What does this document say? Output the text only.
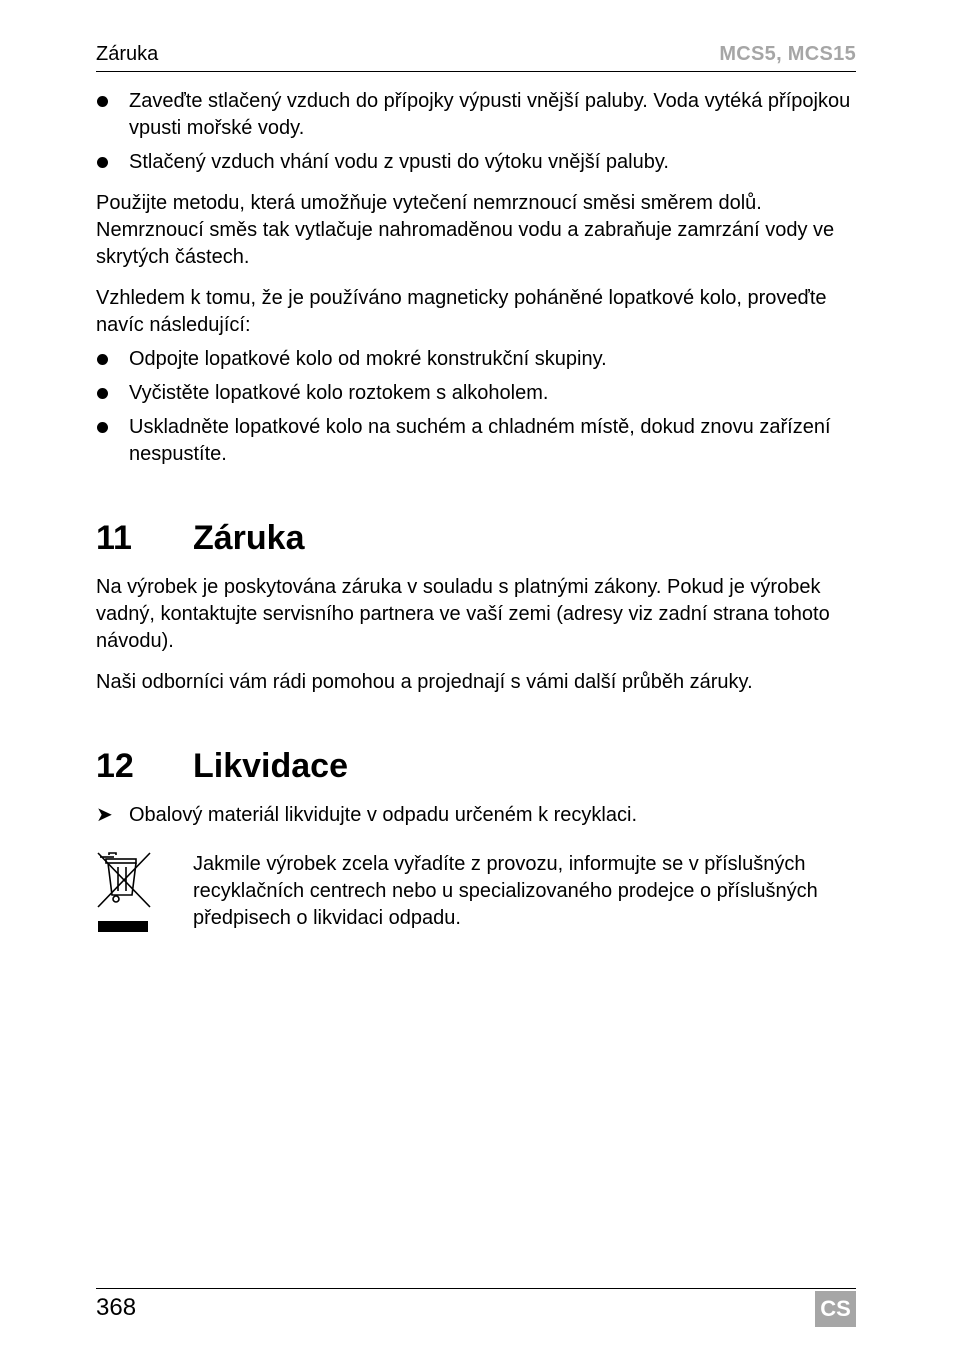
Záruka	MCS5, MCS15
Zaveďte stlačený vzduch do přípojky výpusti vnější paluby. Voda vytéká přípojkou vpusti mořské vody.
Stlačený vzduch vhání vodu z vpusti do výtoku vnější paluby.

Použijte metodu, která umožňuje vytečení nemrznoucí směsi směrem dolů. Nemrznoucí směs tak vytlačuje nahromaděnou vodu a zabraňuje zamrzání vody ve skrytých částech.

Vzhledem k tomu, že je používáno magneticky poháněné lopatkové kolo, proveďte navíc následující:

Odpojte lopatkové kolo od mokré konstrukční skupiny.
Vyčistěte lopatkové kolo roztokem s alkoholem.
Uskladněte lopatkové kolo na suchém a chladném místě, dokud znovu zařízení nespustíte.
11	Záruka

Na výrobek je poskytována záruka v souladu s platnými zákony. Pokud je výrobek vadný, kontaktujte servisního partnera ve vaší zemi (adresy viz zadní strana tohoto návodu).

Naši odborníci vám rádi pomohou a projednají s vámi další průběh záruky.

12	Likvidace
➤ Obalový materiál likvidujte v odpadu určeném k recyklaci.
Jakmile výrobek zcela vyřadíte z provozu, informujte se v příslušných recyklačních centrech nebo u specializovaného prodejce o příslušných předpisech o likvidaci odpadu.
368	CS
